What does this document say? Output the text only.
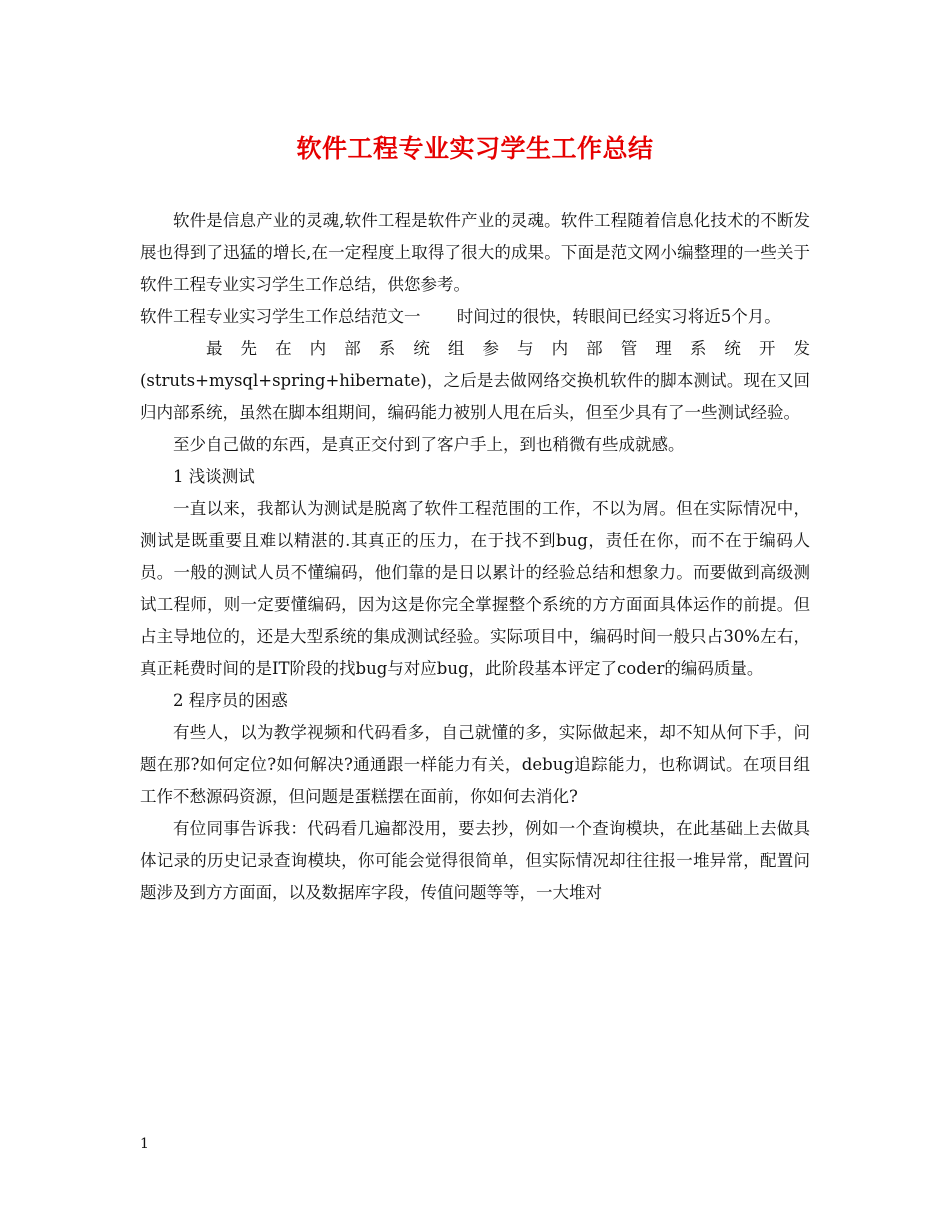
软件工程专业实习学生工作总结

软件是信息产业的灵魂,软件工程是软件产业的灵魂。软件工程随着信息化技术的不断发展也得到了迅猛的增长,在一定程度上取得了很大的成果。下面是范文网小编整理的一些关于软件工程专业实习学生工作总结，供您参考。

软件工程专业实习学生工作总结范文一 时间过的很快，转眼间已经实习将近5个月。

最先在内部系统组参与内部管理系统开发

(struts+mysql+spring+hibernate)，之后是去做网络交换机软件的脚本测试。现在又回归内部系统，虽然在脚本组期间，编码能力被别人甩在后头，但至少具有了一些测试经验。

至少自己做的东西，是真正交付到了客户手上，到也稍微有些成就感。

1 浅谈测试

一直以来，我都认为测试是脱离了软件工程范围的工作，不以为屑。但在实际情况中，测试是既重要且难以精湛的.其真正的压力，在于找不到bug，责任在你，而不在于编码人员。一般的测试人员不懂编码，他们靠的是日以累计的经验总结和想象力。而要做到高级测试工程师，则一定要懂编码，因为这是你完全掌握整个系统的方方面面具体运作的前提。但占主导地位的，还是大型系统的集成测试经验。实际项目中，编码时间一般只占30%左右，真正耗费时间的是IT阶段的找bug与对应bug，此阶段基本评定了coder的编码质量。

2 程序员的困惑

有些人，以为教学视频和代码看多，自己就懂的多，实际做起来，却不知从何下手，问题在那?如何定位?如何解决?通通跟一样能力有关，debug追踪能力，也称调试。在项目组工作不愁源码资源，但问题是蛋糕摆在面前，你如何去消化?

有位同事告诉我：代码看几遍都没用，要去抄，例如一个查询模块，在此基础上去做具体记录的历史记录查询模块，你可能会觉得很简单，但实际情况却往往报一堆异常，配置问题涉及到方方面面，以及数据库字段，传值问题等等，一大堆对

1
